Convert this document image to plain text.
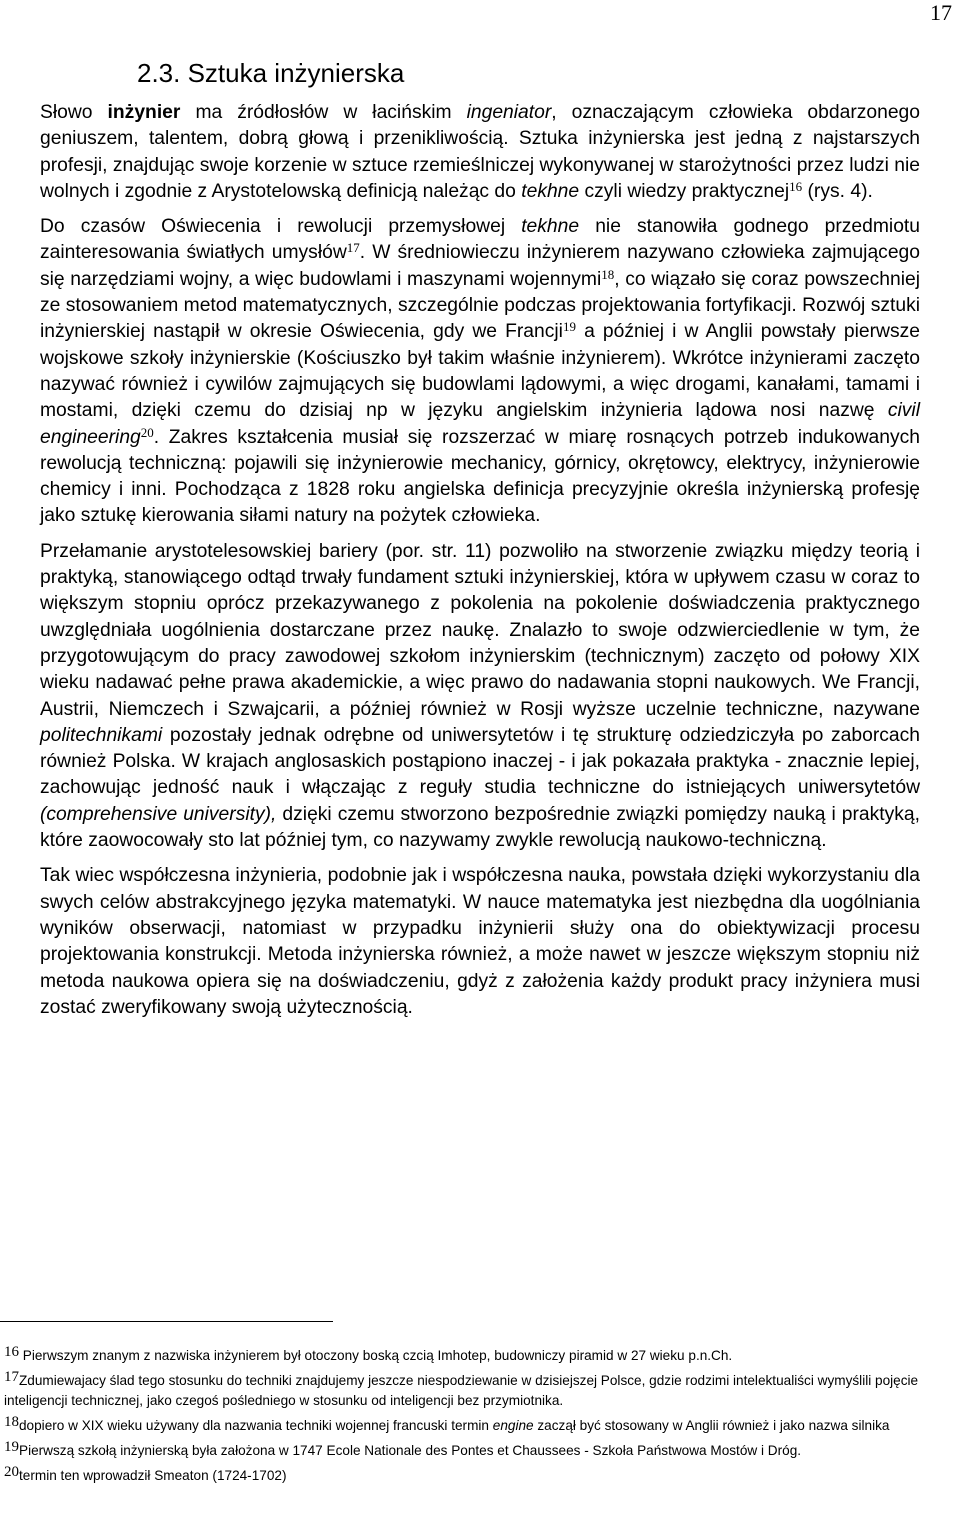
17
2.3. Sztuka inżynierska

Słowo inżynier ma źródłosłów w łacińskim ingeniator, oznaczającym człowieka obdarzonego geniuszem, talentem, dobrą głową i przenikliwością. Sztuka inżynierska jest jedną z najstarszych profesji, znajdując swoje korzenie w sztuce rzemieślniczej wykonywanej w starożytności przez ludzi nie wolnych i zgodnie z Arystotelowską definicją należąc do tekhne czyli wiedzy praktycznej$^{16}$ (rys. 4).

Do czasów Oświecenia i rewolucji przemysłowej tekhne nie stanowiła godnego przedmiotu zainteresowania światłych umysłów$^{17}$. W średniowieczu inżynierem nazywano człowieka zajmującego się narzędziami wojny, a więc budowlami i maszynami wojennymi$^{18}$, co wiązało się coraz powszechniej ze stosowaniem metod matematycznych, szczególnie podczas projektowania fortyfikacji. Rozwój sztuki inżynierskiej nastąpił w okresie Oświecenia, gdy we Francji$^{19}$ a później i w Anglii powstały pierwsze wojskowe szkoły inżynierskie (Kościuszko był takim właśnie inżynierem). Wkrótce inżynierami zaczęto nazywać również i cywilów zajmujących się budowlami lądowymi, a więc drogami, kanałami, tamami i mostami, dzięki czemu do dzisiaj np w języku angielskim inżynieria lądowa nosi nazwę civil engineering$^{20}$. Zakres kształcenia musiał się rozszerzać w miarę rosnących potrzeb indukowanych rewolucją techniczną: pojawili się inżynierowie mechanicy, górnicy, okrętowcy, elektrycy, inżynierowie chemicy i inni. Pochodząca z 1828 roku angielska definicja precyzyjnie określa inżynierską profesję jako sztukę kierowania siłami natury na pożytek człowieka.

Przełamanie arystotelesowskiej bariery (por. str. 11) pozwoliło na stworzenie związku między teorią i praktyką, stanowiącego odtąd trwały fundament sztuki inżynierskiej, która w upływem czasu w coraz to większym stopniu oprócz przekazywanego z pokolenia na pokolenie doświadczenia praktycznego uwzględniała uogólnienia dostarczane przez naukę. Znalazło to swoje odzwierciedlenie w tym, że przygotowującym do pracy zawodowej szkołom inżynierskim (technicznym) zaczęto od połowy XIX wieku nadawać pełne prawa akademickie, a więc prawo do nadawania stopni naukowych. We Francji, Austrii, Niemczech i Szwajcarii, a później również w Rosji wyższe uczelnie techniczne, nazywane politechnikami pozostały jednak odrębne od uniwersytetów i tę strukturę odziedziczyła po zaborcach również Polska. W krajach anglosaskich postąpiono inaczej - i jak pokazała praktyka - znacznie lepiej, zachowując jedność nauk i włączając z reguły studia techniczne do istniejących uniwersytetów (comprehensive university), dzięki czemu stworzono bezpośrednie związki pomiędzy nauką i praktyką, które zaowocowały sto lat później tym, co nazywamy zwykle rewolucją naukowo-techniczną.

Tak wiec współczesna inżynieria, podobnie jak i współczesna nauka, powstała dzięki wykorzystaniu dla swych celów abstrakcyjnego języka matematyki. W nauce matematyka jest niezbędna dla uogólniania wyników obserwacji, natomiast w przypadku inżynierii służy ona do obiektywizacji procesu projektowania konstrukcji. Metoda inżynierska również, a może nawet w jeszcze większym stopniu niż metoda naukowa opiera się na doświadczeniu, gdyż z założenia każdy produkt pracy inżyniera musi zostać zweryfikowany swoją użytecznością.

16 Pierwszym znanym z nazwiska inżynierem był otoczony boską czcią Imhotep, budowniczy piramid w 27 wieku p.n.Ch.

17Zdumiewajacy ślad tego stosunku do techniki znajdujemy jeszcze niespodziewanie w dzisiejszej Polsce, gdzie rodzimi intelektualiści wymyślili pojęcie inteligencji technicznej, jako czegoś pośledniego w stosunku od inteligencji bez przymiotnika.

18dopiero w XIX wieku używany dla nazwania techniki wojennej francuski termin engine zaczął być stosowany w Anglii również i jako nazwa silnika

19Pierwszą szkołą inżynierską była założona w 1747 Ecole Nationale des Pontes et Chaussees - Szkoła Państwowa Mostów i Dróg.

20termin ten wprowadził Smeaton (1724-1702)
